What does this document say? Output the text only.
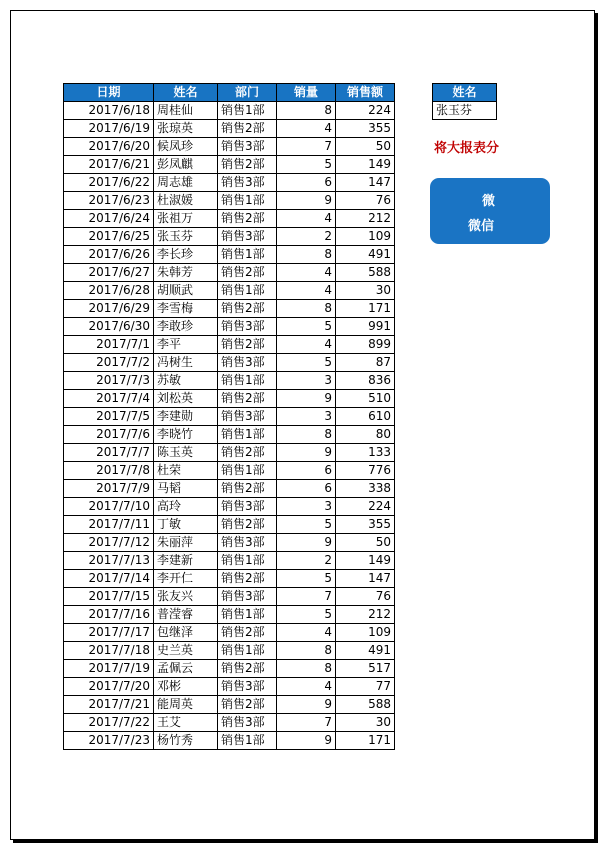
日期	姓名	部门	销量	销售额
2017/6/18	周桂仙	销售1部	8	224
2017/6/19	张琼英	销售2部	4	355
2017/6/20	候凤珍	销售3部	7	50
2017/6/21	彭凤麒	销售2部	5	149
2017/6/22	周志雄	销售3部	6	147
2017/6/23	杜淑媛	销售1部	9	76
2017/6/24	张祖万	销售2部	4	212
2017/6/25	张玉芬	销售3部	2	109
2017/6/26	李长珍	销售1部	8	491
2017/6/27	朱韩芳	销售2部	4	588
2017/6/28	胡顺武	销售1部	4	30
2017/6/29	李雪梅	销售2部	8	171
2017/6/30	李敢珍	销售3部	5	991
2017/7/1	李平	销售2部	4	899
2017/7/2	冯树生	销售3部	5	87
2017/7/3	苏敏	销售1部	3	836
2017/7/4	刘松英	销售2部	9	510
2017/7/5	李建勋	销售3部	3	610
2017/7/6	李晓竹	销售1部	8	80
2017/7/7	陈玉英	销售2部	9	133
2017/7/8	杜荣	销售1部	6	776
2017/7/9	马韬	销售2部	6	338
2017/7/10	高玲	销售3部	3	224
2017/7/11	丁敏	销售2部	5	355
2017/7/12	朱丽萍	销售3部	9	50
2017/7/13	李建新	销售1部	2	149
2017/7/14	李开仁	销售2部	5	147
2017/7/15	张友兴	销售3部	7	76
2017/7/16	普滢睿	销售1部	5	212
2017/7/17	包继泽	销售2部	4	109
2017/7/18	史兰英	销售1部	8	491
2017/7/19	孟佩云	销售2部	8	517
2017/7/20	邓彬	销售3部	4	77
2017/7/21	能周英	销售2部	9	588
2017/7/22	王艾	销售3部	7	30
2017/7/23	杨竹秀	销售1部	9	171
姓名
张玉芬
将大报表分
微
微信
